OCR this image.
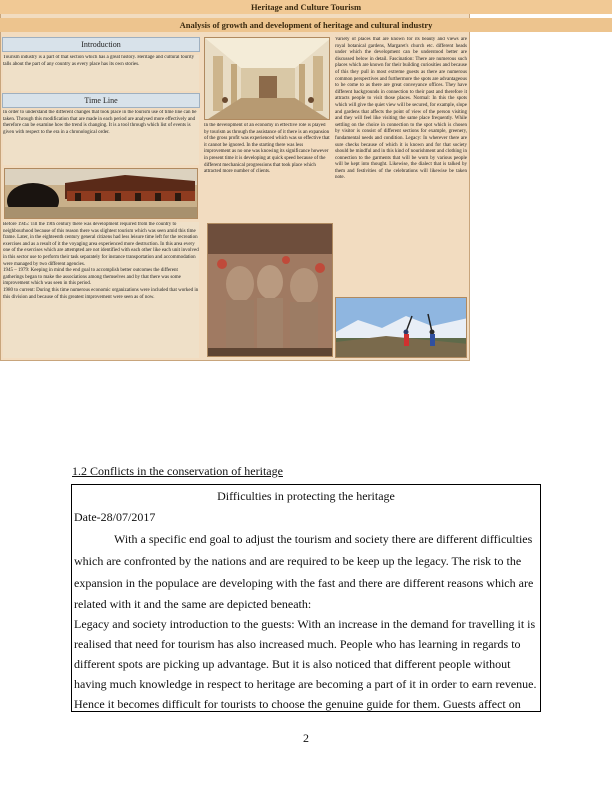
Heritage and Culture Tourism
Analysis of growth and development of heritage and cultural industry
Introduction
Tourism industry is a part of that section which has a great history. Heritage and cultural tourity talls about the part of any country as every place has its own stories.
Time Line
In order to understand the different changes that took place in the tourism use of time line can be taken. Through this modification that are made in each period are analysed more effectively and therefore can be examine how the trend is changing. It is a tool through which list of events is given with respect to the era in a chronological order.
Before 1945: Till the 19th century there was development required from the country to neighbourhood because of this reason there was slightest tourism which was seen amid this time frame. Later, in the eighteenth century general citizens had less leisure time left for the recreation exercises and as a result of it the voyaging area experienced more destruction. In this area every one of the exercises which are attempted are not identified with each other like each unit involved in this sector use to perform their task separately for instance transportation and accommodation were managed by two different agencies.
1945 – 1979: Keeping in mind the end goal to accomplish better outcomes the different gatherings began to make the associations among themselves and by that there was some improvement which was seen in this period.
1980 to current: During this time numerous economic organizations were included that worked in this division and because of this greatest improvement were seen as of now.
In the development of an economy in effective role is played by tourism as through the assistance of it there is an expansion of the gross profit was experienced which was so effective that it cannot be ignored. In the starting there was less improvement as no one was knowing its significance however in present time it is developing at quick speed because of the different mechanical progressions that took place which attracted more number of clients.
Variety of places that are known for its beauty and views are royal botanical gardens, Margaret's church etc. different heads under which the development can be understood better are discussed below in detail. Fascination: There are numerous such places which are known for their building curiosities and because of this they pull in most extreme guests as there are numerous common perspectives and furthermore the spots are advantageous to be come to as there are great conveyance offices. They have different backgrounds in connection to their past and therefore it attracts people to visit those places. Normal: In this the spots which will give the quiet view will be secured, for example, slope and gardens that affects the point of view of the person visiting and they will feel like visiting the same place frequently. While settling on the choice in connection to the spot which is chosen by visitor is consist of different sections for example, greenery, fundamental needs and condition. Legacy: In wherever there are sure checks because of which it is known and for that society should be mindful and in this kind of nourishment and clothing in connection to the garments that will be worn by various people will be kept into thought. Likewise, the dialect that is talked by them and festivities of the celebrations will likewise be taken note.
1.2 Conflicts in the conservation of heritage
Difficulties in protecting the heritage
Date-28/07/2017
With a specific end goal to adjust the tourism and society there are different difficulties
which are confronted by the nations and are required to be keep up the legacy. The risk to the
expansion in the populace are developing with the fast and there are different reasons which are
related with it and the same are depicted beneath:
Legacy and society introduction to the guests: With an increase in the demand for travelling it is
realised that need for tourism has also increased much. People who has learning in regards to
different spots are picking up advantage. But it is also noticed that different people without
having much knowledge in respect to heritage are becoming a part of it in order to earn revenue.
Hence it becomes difficult for tourists to choose the genuine guide for them. Guests affect on
2
